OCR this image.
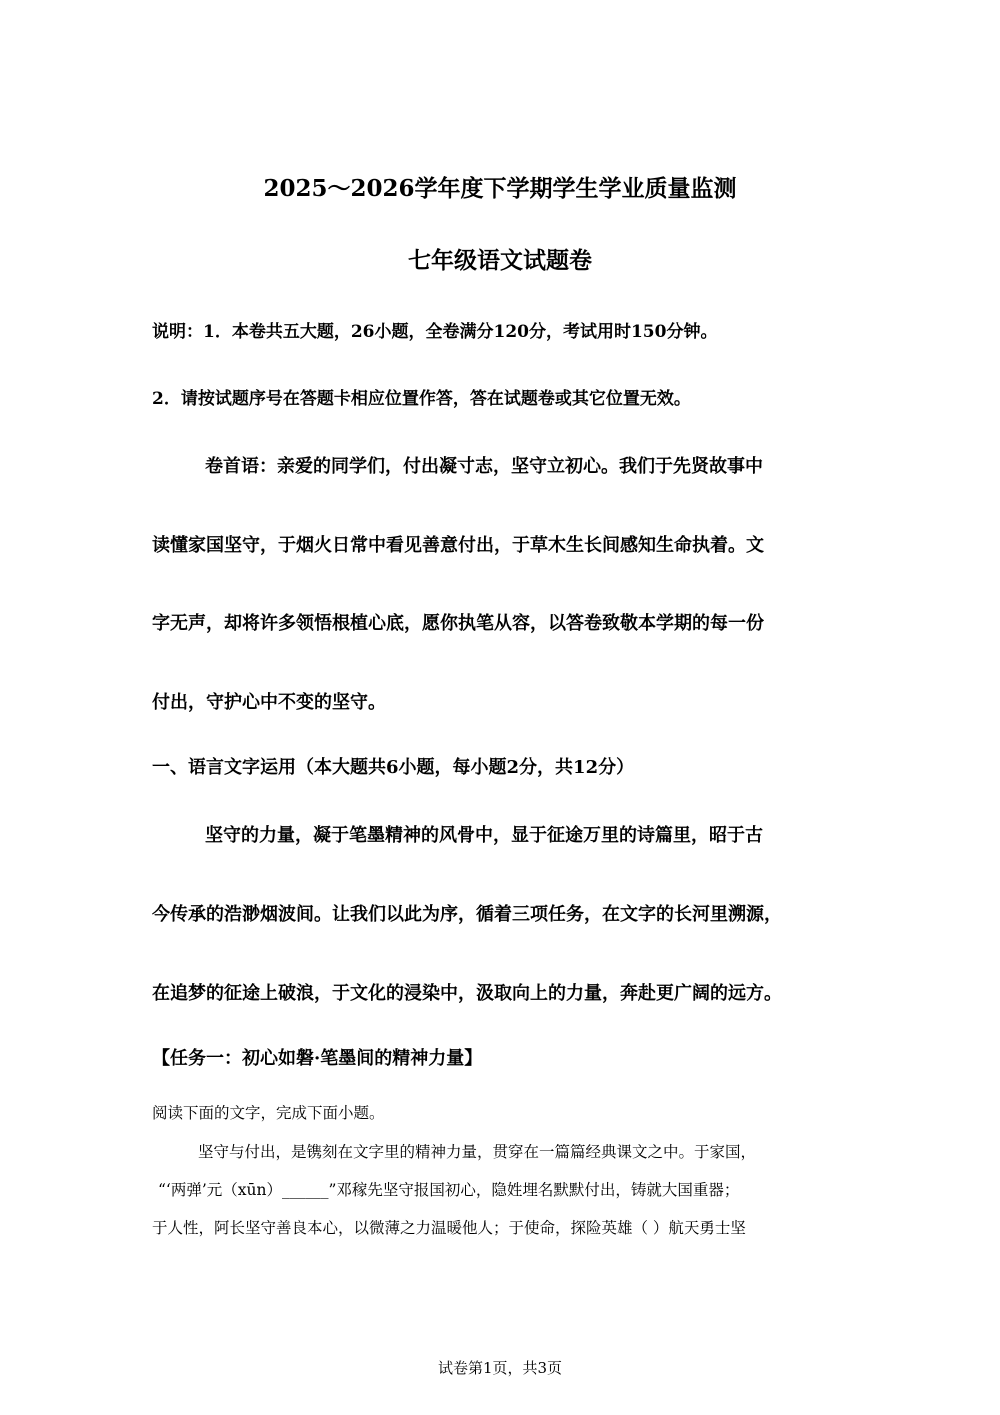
2025～2026学年度下学期学生学业质量监测
七年级语文试题卷
说明：1．本卷共五大题，26小题，全卷满分120分，考试用时150分钟。
2．请按试题序号在答题卡相应位置作答，答在试题卷或其它位置无效。
卷首语：亲爱的同学们，付出凝寸志，坚守立初心。我们于先贤故事中
读懂家国坚守，于烟火日常中看见善意付出，于草木生长间感知生命执着。文
字无声，却将许多领悟根植心底，愿你执笔从容，以答卷致敬本学期的每一份
付出，守护心中不变的坚守。
一、语言文字运用（本大题共6小题，每小题2分，共12分）
坚守的力量，凝于笔墨精神的风骨中，显于征途万里的诗篇里，昭于古
今传承的浩渺烟波间。让我们以此为序，循着三项任务，在文字的长河里溯源，
在追梦的征途上破浪，于文化的浸染中，汲取向上的力量，奔赴更广阔的远方。
【任务一：初心如磐·笔墨间的精神力量】
阅读下面的文字，完成下面小题。
坚守与付出，是镌刻在文字里的精神力量，贯穿在一篇篇经典课文之中。于家国，
“‘两弹’元（xūn）______”邓稼先坚守报国初心，隐姓埋名默默付出，铸就大国重器；
于人性，阿长坚守善良本心，以微薄之力温暖他人；于使命，探险英雄（ ）航天勇士坚
试卷第1页，共3页
